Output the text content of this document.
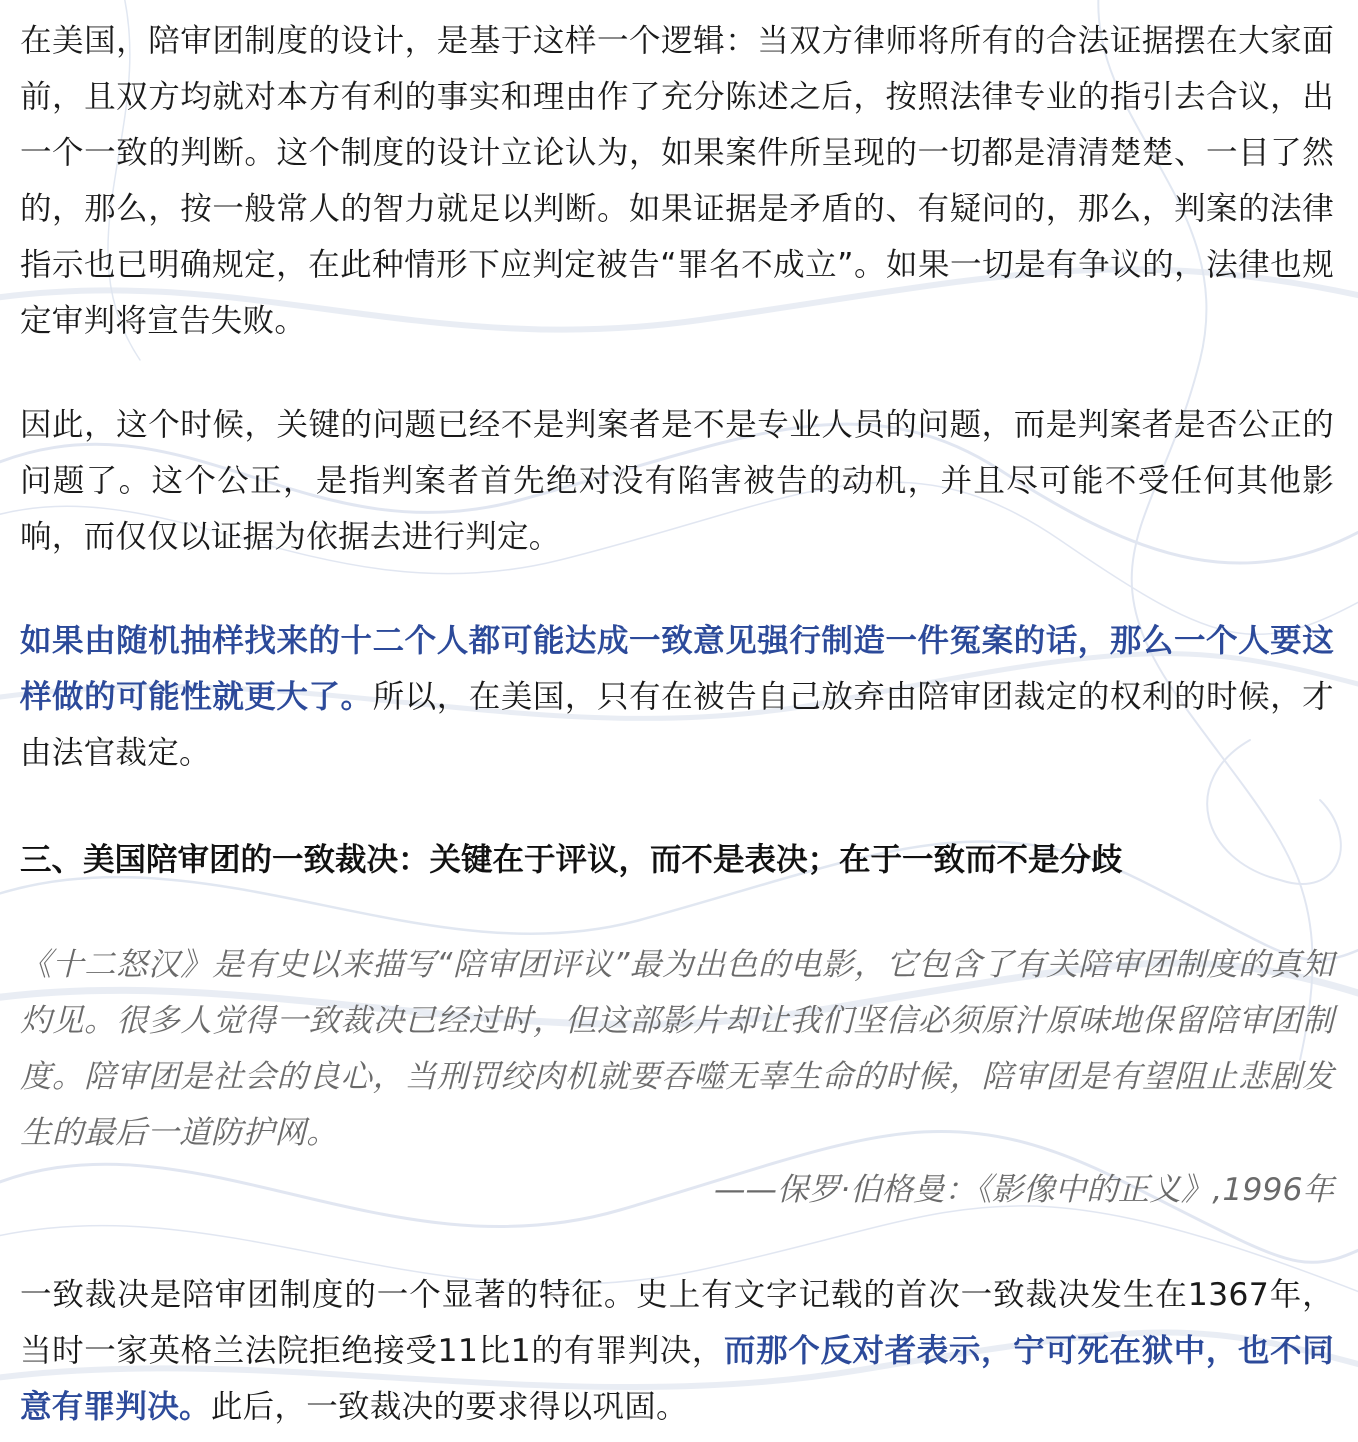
在美国，陪审团制度的设计，是基于这样一个逻辑：当双方律师将所有的合法证据摆在大家面前，且双方均就对本方有利的事实和理由作了充分陈述之后，按照法律专业的指引去合议，出一个一致的判断。这个制度的设计立论认为，如果案件所呈现的一切都是清清楚楚、一目了然的，那么，按一般常人的智力就足以判断。如果证据是矛盾的、有疑问的，那么，判案的法律指示也已明确规定，在此种情形下应判定被告“罪名不成立”。如果一切是有争议的，法律也规定审判将宣告失败。

因此，这个时候，关键的问题已经不是判案者是不是专业人员的问题，而是判案者是否公正的问题了。这个公正，是指判案者首先绝对没有陷害被告的动机，并且尽可能不受任何其他影响，而仅仅以证据为依据去进行判定。

如果由随机抽样找来的十二个人都可能达成一致意见强行制造一件冤案的话，那么一个人要这样做的可能性就更大了。所以，在美国，只有在被告自己放弃由陪审团裁定的权利的时候，才由法官裁定。

三、美国陪审团的一致裁决：关键在于评议，而不是表决；在于一致而不是分歧

《十二怒汉》是有史以来描写“陪审团评议”最为出色的电影，它包含了有关陪审团制度的真知灼见。很多人觉得一致裁决已经过时，但这部影片却让我们坚信必须原汁原味地保留陪审团制度。陪审团是社会的良心，当刑罚绞肉机就要吞噬无辜生命的时候，陪审团是有望阻止悲剧发生的最后一道防护网。

——保罗·伯格曼：《影像中的正义》,1996年

一致裁决是陪审团制度的一个显著的特征。史上有文字记载的首次一致裁决发生在1367年，当时一家英格兰法院拒绝接受11比1的有罪判决，而那个反对者表示，宁可死在狱中，也不同意有罪判决。此后，一致裁决的要求得以巩固。
